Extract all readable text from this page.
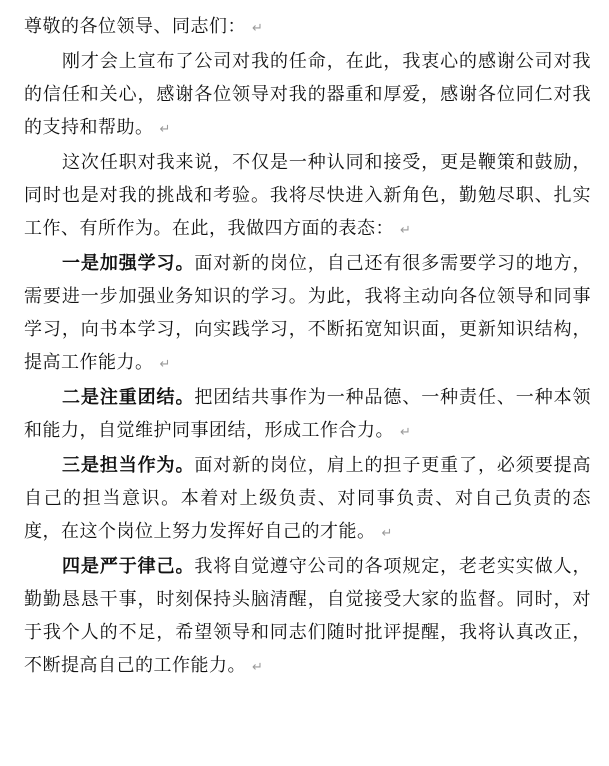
尊敬的各位领导、同志们： ↵

刚才会上宣布了公司对我的任命，在此，我衷心的感谢公司对我的信任和关心，感谢各位领导对我的器重和厚爱，感谢各位同仁对我的支持和帮助。 ↵

这次任职对我来说，不仅是一种认同和接受，更是鞭策和鼓励，同时也是对我的挑战和考验。我将尽快进入新角色，勤勉尽职、扎实工作、有所作为。在此，我做四方面的表态： ↵

一是加强学习。面对新的岗位，自己还有很多需要学习的地方，需要进一步加强业务知识的学习。为此，我将主动向各位领导和同事学习，向书本学习，向实践学习，不断拓宽知识面，更新知识结构，提高工作能力。 ↵

二是注重团结。把团结共事作为一种品德、一种责任、一种本领和能力，自觉维护同事团结，形成工作合力。 ↵

三是担当作为。面对新的岗位，肩上的担子更重了，必须要提高自己的担当意识。本着对上级负责、对同事负责、对自己负责的态度，在这个岗位上努力发挥好自己的才能。 ↵

四是严于律己。我将自觉遵守公司的各项规定，老老实实做人，勤勤恳恳干事，时刻保持头脑清醒，自觉接受大家的监督。同时，对于我个人的不足，希望领导和同志们随时批评提醒，我将认真改正，不断提高自己的工作能力。 ↵
